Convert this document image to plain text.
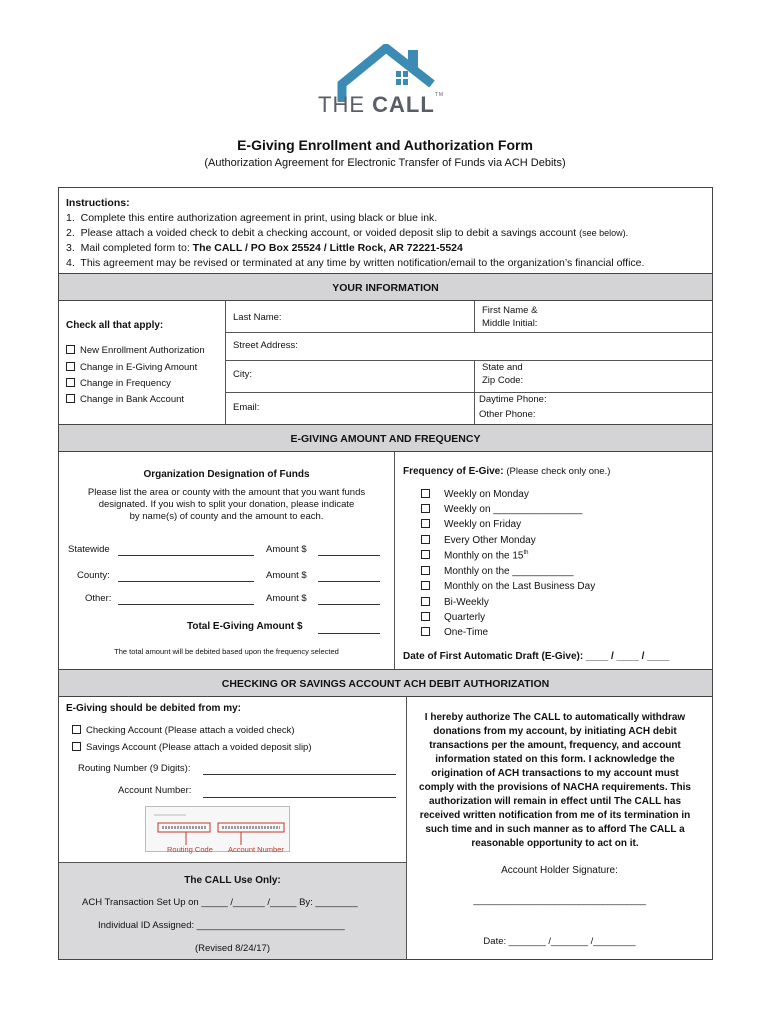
THE CALL™
E-Giving Enrollment and Authorization Form
(Authorization Agreement for Electronic Transfer of Funds via ACH Debits)
Instructions:
1. Complete this entire authorization agreement in print, using black or blue ink.
2. Please attach a voided check to debit a checking account, or voided deposit slip to debit a savings account (see below).
3. Mail completed form to: The CALL / PO Box 25524 / Little Rock, AR 72221-5524
4. This agreement may be revised or terminated at any time by written notification/email to the organization’s financial office.
YOUR INFORMATION
Check all that apply:
New Enrollment Authorization
Change in E-Giving Amount
Change in Frequency
Change in Bank Account
Last Name:
First Name &
Middle Initial:
Street Address:
City:
State and
Zip Code:
Email:
Daytime Phone:
Other Phone:
E-GIVING AMOUNT AND FREQUENCY
Organization Designation of Funds
Please list the area or county with the amount that you want funds
designated. If you wish to split your donation, please indicate
by name(s) of county and the amount to each.
Statewide	Amount $
County:	Amount $
Other:	Amount $
Total E-Giving Amount $
The total amount will be debited based upon the frequency selected
Frequency of E-Give: (Please check only one.)
Weekly on Monday
Weekly on ________________
Weekly on Friday
Every Other Monday
Monthly on the 15th
Monthly on the ___________
Monthly on the Last Business Day
Bi-Weekly
Quarterly
One-Time
Date of First Automatic Draft (E-Give): ____ / ____ / ____
CHECKING OR SAVINGS ACCOUNT ACH DEBIT AUTHORIZATION
E-Giving should be debited from my:
Checking Account (Please attach a voided check)
Savings Account (Please attach a voided deposit slip)
Routing Number (9 Digits):
Account Number:
Routing Code Account Number
I hereby authorize The CALL to automatically withdraw donations from my account, by initiating ACH debit transactions per the amount, frequency, and account information stated on this form. I acknowledge the origination of ACH transactions to my account must comply with the provisions of NACHA requirements. This authorization will remain in effect until The CALL has received written notification from me of its termination in such time and in such manner as to afford The CALL a reasonable opportunity to act on it.
The CALL Use Only:
ACH Transaction Set Up on _____ /______ /_____ By: ________
Individual ID Assigned: ____________________________
(Revised 8/24/17)
Account Holder Signature:
____________________________________
Date: _______ /_______ /________
